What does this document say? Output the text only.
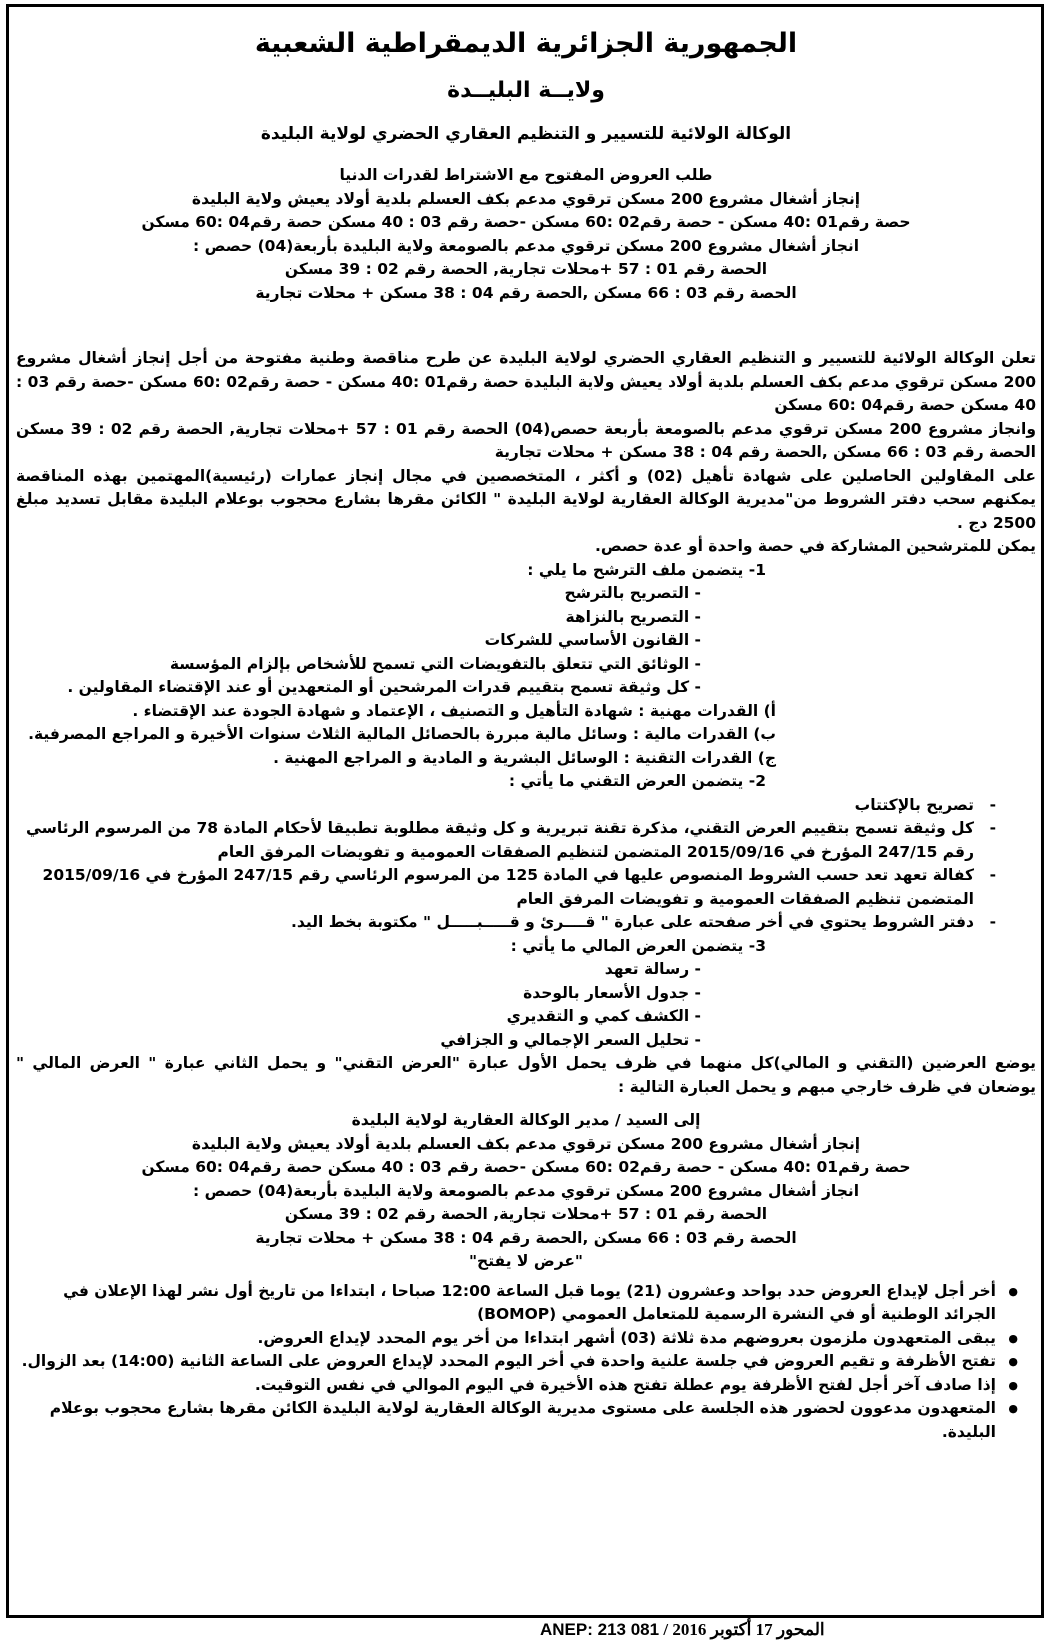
الجمهورية الجزائرية الديمقراطية الشعبية

ولايــة البليــدة

الوكالة الولائية للتسيير و التنظيم العقاري الحضري لولاية البليدة

طلب العروض المفتوح مع الاشتراط لقدرات الدنيا

إنجاز أشغال مشروع 200 مسكن ترقوي مدعم بكف العسلم بلدية أولاد يعيش ولاية البليدة

حصة رقم01 :40 مسكن - حصة رقم02 :60 مسكن -حصة رقم 03 : 40 مسكن حصة رقم04 :60 مسكن

انجاز أشغال مشروع 200 مسكن ترقوي مدعم بالصومعة ولاية البليدة بأربعة(04) حصص :

الحصة رقم 01 : 57 +محلات تجارية, الحصة رقم 02 : 39 مسكن

الحصة رقم 03 : 66 مسكن ,الحصة رقم 04 : 38 مسكن + محلات تجارية

تعلن الوكالة الولائية للتسيير و التنظيم العقاري الحضري لولاية البليدة عن طرح مناقصة وطنية مفتوحة من أجل إنجاز أشغال مشروع 200 مسكن ترقوي مدعم بكف العسلم بلدية أولاد يعيش ولاية البليدة حصة رقم01 :40 مسكن - حصة رقم02 :60 مسكن -حصة رقم 03 : 40 مسكن حصة رقم04 :60 مسكن

وانجاز مشروع 200 مسكن ترقوي مدعم بالصومعة بأربعة حصص(04) الحصة رقم 01 : 57 +محلات تجارية, الحصة رقم 02 : 39 مسكن الحصة رقم 03 : 66 مسكن ,الحصة رقم 04 : 38 مسكن + محلات تجارية

على المقاولين الحاصلين على شهادة تأهيل (02) و أكثر ، المتخصصين في مجال إنجاز عمارات (رئيسية)المهتمين بهذه المناقصة يمكنهم سحب دفتر الشروط من"مديرية الوكالة العقارية لولاية البليدة " الكائن مقرها بشارع محجوب بوعلام البليدة مقابل تسديد مبلغ 2500 دج .

يمكن للمترشحين المشاركة في حصة واحدة أو عدة حصص.

1- يتضمن ملف الترشح ما يلي :

- التصريح بالترشح
- التصريح بالنزاهة
- القانون الأساسي للشركات
- الوثائق التي تتعلق بالتفويضات التي تسمح للأشخاص بإلزام المؤسسة
- كل وثيقة تسمح بتقييم قدرات المرشحين أو المتعهدين أو عند الإقتضاء المقاولين .

أ) القدرات مهنية : شهادة التأهيل و التصنيف ، الإعتماد و شهادة الجودة عند الإقتضاء .

ب) القدرات مالية : وسائل مالية مبررة بالحصائل المالية الثلاث سنوات الأخيرة و المراجع المصرفية.

ج) القدرات التقنية : الوسائل البشرية و المادية و المراجع المهنية .

2- يتضمن العرض التقني ما يأتي :

- تصريح بالإكتتاب
- كل وثيقة تسمح بتقييم العرض التقني، مذكرة تقنة تبريرية و كل وثيقة مطلوبة تطبيقا لأحكام المادة 78 من المرسوم الرئاسي رقم 247/15 المؤرخ في 2015/09/16 المتضمن لتنظيم الصفقات العمومية و تفويضات المرفق العام
- كفالة تعهد تعد حسب الشروط المنصوص عليها في المادة 125 من المرسوم الرئاسي رقم 247/15 المؤرخ في 2015/09/16 المتضمن تنظيم الصفقات العمومية و تفويضات المرفق العام
- دفتر الشروط يحتوي في أخر صفحته على عبارة " قــــرئ و قـــــبـــــل " مكتوبة بخط اليد.

3- يتضمن العرض المالي ما يأتي :

- رسالة تعهد
- جدول الأسعار بالوحدة
- الكشف كمي و التقديري
- تحليل السعر الإجمالي و الجزافي

يوضع العرضين (التقني و المالي)كل منهما في ظرف يحمل الأول عبارة "العرض التقني" و يحمل الثاني عبارة " العرض المالي " يوضعان في ظرف خارجي مبهم و يحمل العبارة التالية :

إلى السيد / مدير الوكالة العقارية لولاية البليدة

إنجاز أشغال مشروع 200 مسكن ترقوي مدعم بكف العسلم بلدية أولاد يعيش ولاية البليدة

حصة رقم01 :40 مسكن - حصة رقم02 :60 مسكن -حصة رقم 03 : 40 مسكن حصة رقم04 :60 مسكن

انجاز أشغال مشروع 200 مسكن ترقوي مدعم بالصومعة ولاية البليدة بأربعة(04) حصص :

الحصة رقم 01 : 57 +محلات تجارية, الحصة رقم 02 : 39 مسكن

الحصة رقم 03 : 66 مسكن ,الحصة رقم 04 : 38 مسكن + محلات تجارية

"عرض لا يفتح"

● أخر أجل لإيداع العروض حدد بواحد وعشرون (21) يوما قبل الساعة 12:00 صباحا ، ابتداءا من تاريخ أول نشر لهذا الإعلان في الجرائد الوطنية أو في النشرة الرسمية للمتعامل العمومي (BOMOP)
● يبقى المتعهدون ملزمون بعروضهم مدة ثلاثة (03) أشهر ابتداءا من أخر يوم المحدد لإيداع العروض.
● تفتح الأظرفة و تقيم العروض في جلسة علنية واحدة في أخر اليوم المحدد لإيداع العروض على الساعة الثانية (14:00) بعد الزوال.
● إذا صادف آخر أجل لفتح الأظرفة يوم عطلة تفتح هذه الأخيرة في اليوم الموالي في نفس التوقيت.
● المتعهدون مدعوون لحضور هذه الجلسة على مستوى مديرية الوكالة العقارية لولاية البليدة الكائن مقرها بشارع محجوب بوعلام البليدة.
المحور 17 أكتوبر 2016 / ANEP: 213 081
